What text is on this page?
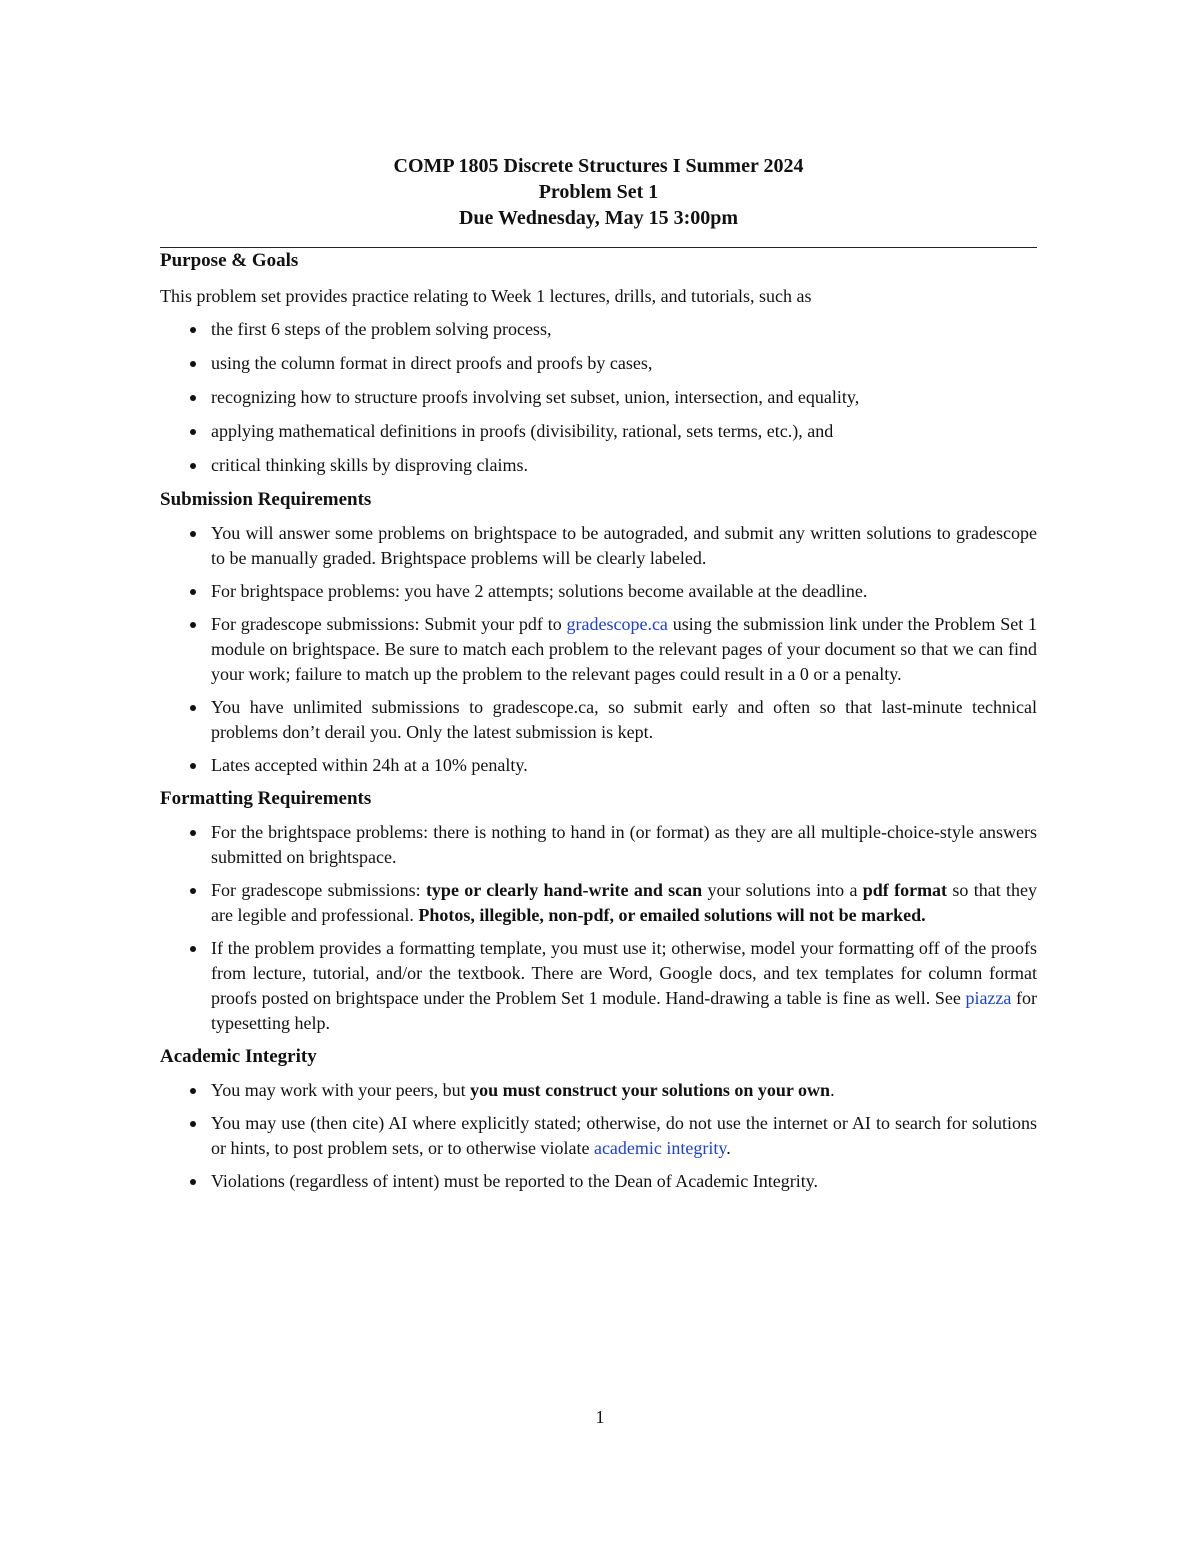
COMP 1805 Discrete Structures I Summer 2024
Problem Set 1
Due Wednesday, May 15 3:00pm
Purpose & Goals

This problem set provides practice relating to Week 1 lectures, drills, and tutorials, such as

the first 6 steps of the problem solving process,
using the column format in direct proofs and proofs by cases,
recognizing how to structure proofs involving set subset, union, intersection, and equality,
applying mathematical definitions in proofs (divisibility, rational, sets terms, etc.), and
critical thinking skills by disproving claims.
Submission Requirements
You will answer some problems on brightspace to be autograded, and submit any written solutions to gradescope to be manually graded. Brightspace problems will be clearly labeled.
For brightspace problems: you have 2 attempts; solutions become available at the deadline.
For gradescope submissions: Submit your pdf to gradescope.ca using the submission link under the Problem Set 1 module on brightspace. Be sure to match each problem to the relevant pages of your document so that we can find your work; failure to match up the problem to the relevant pages could result in a 0 or a penalty.
You have unlimited submissions to gradescope.ca, so submit early and often so that last-minute technical problems don’t derail you. Only the latest submission is kept.
Lates accepted within 24h at a 10% penalty.
Formatting Requirements
For the brightspace problems: there is nothing to hand in (or format) as they are all multiple-choice-style answers submitted on brightspace.
For gradescope submissions: type or clearly hand-write and scan your solutions into a pdf format so that they are legible and professional. Photos, illegible, non-pdf, or emailed solutions will not be marked.
If the problem provides a formatting template, you must use it; otherwise, model your formatting off of the proofs from lecture, tutorial, and/or the textbook. There are Word, Google docs, and tex templates for column format proofs posted on brightspace under the Problem Set 1 module. Hand-drawing a table is fine as well. See piazza for typesetting help.
Academic Integrity
You may work with your peers, but you must construct your solutions on your own.
You may use (then cite) AI where explicitly stated; otherwise, do not use the internet or AI to search for solutions or hints, to post problem sets, or to otherwise violate academic integrity.
Violations (regardless of intent) must be reported to the Dean of Academic Integrity.
1
